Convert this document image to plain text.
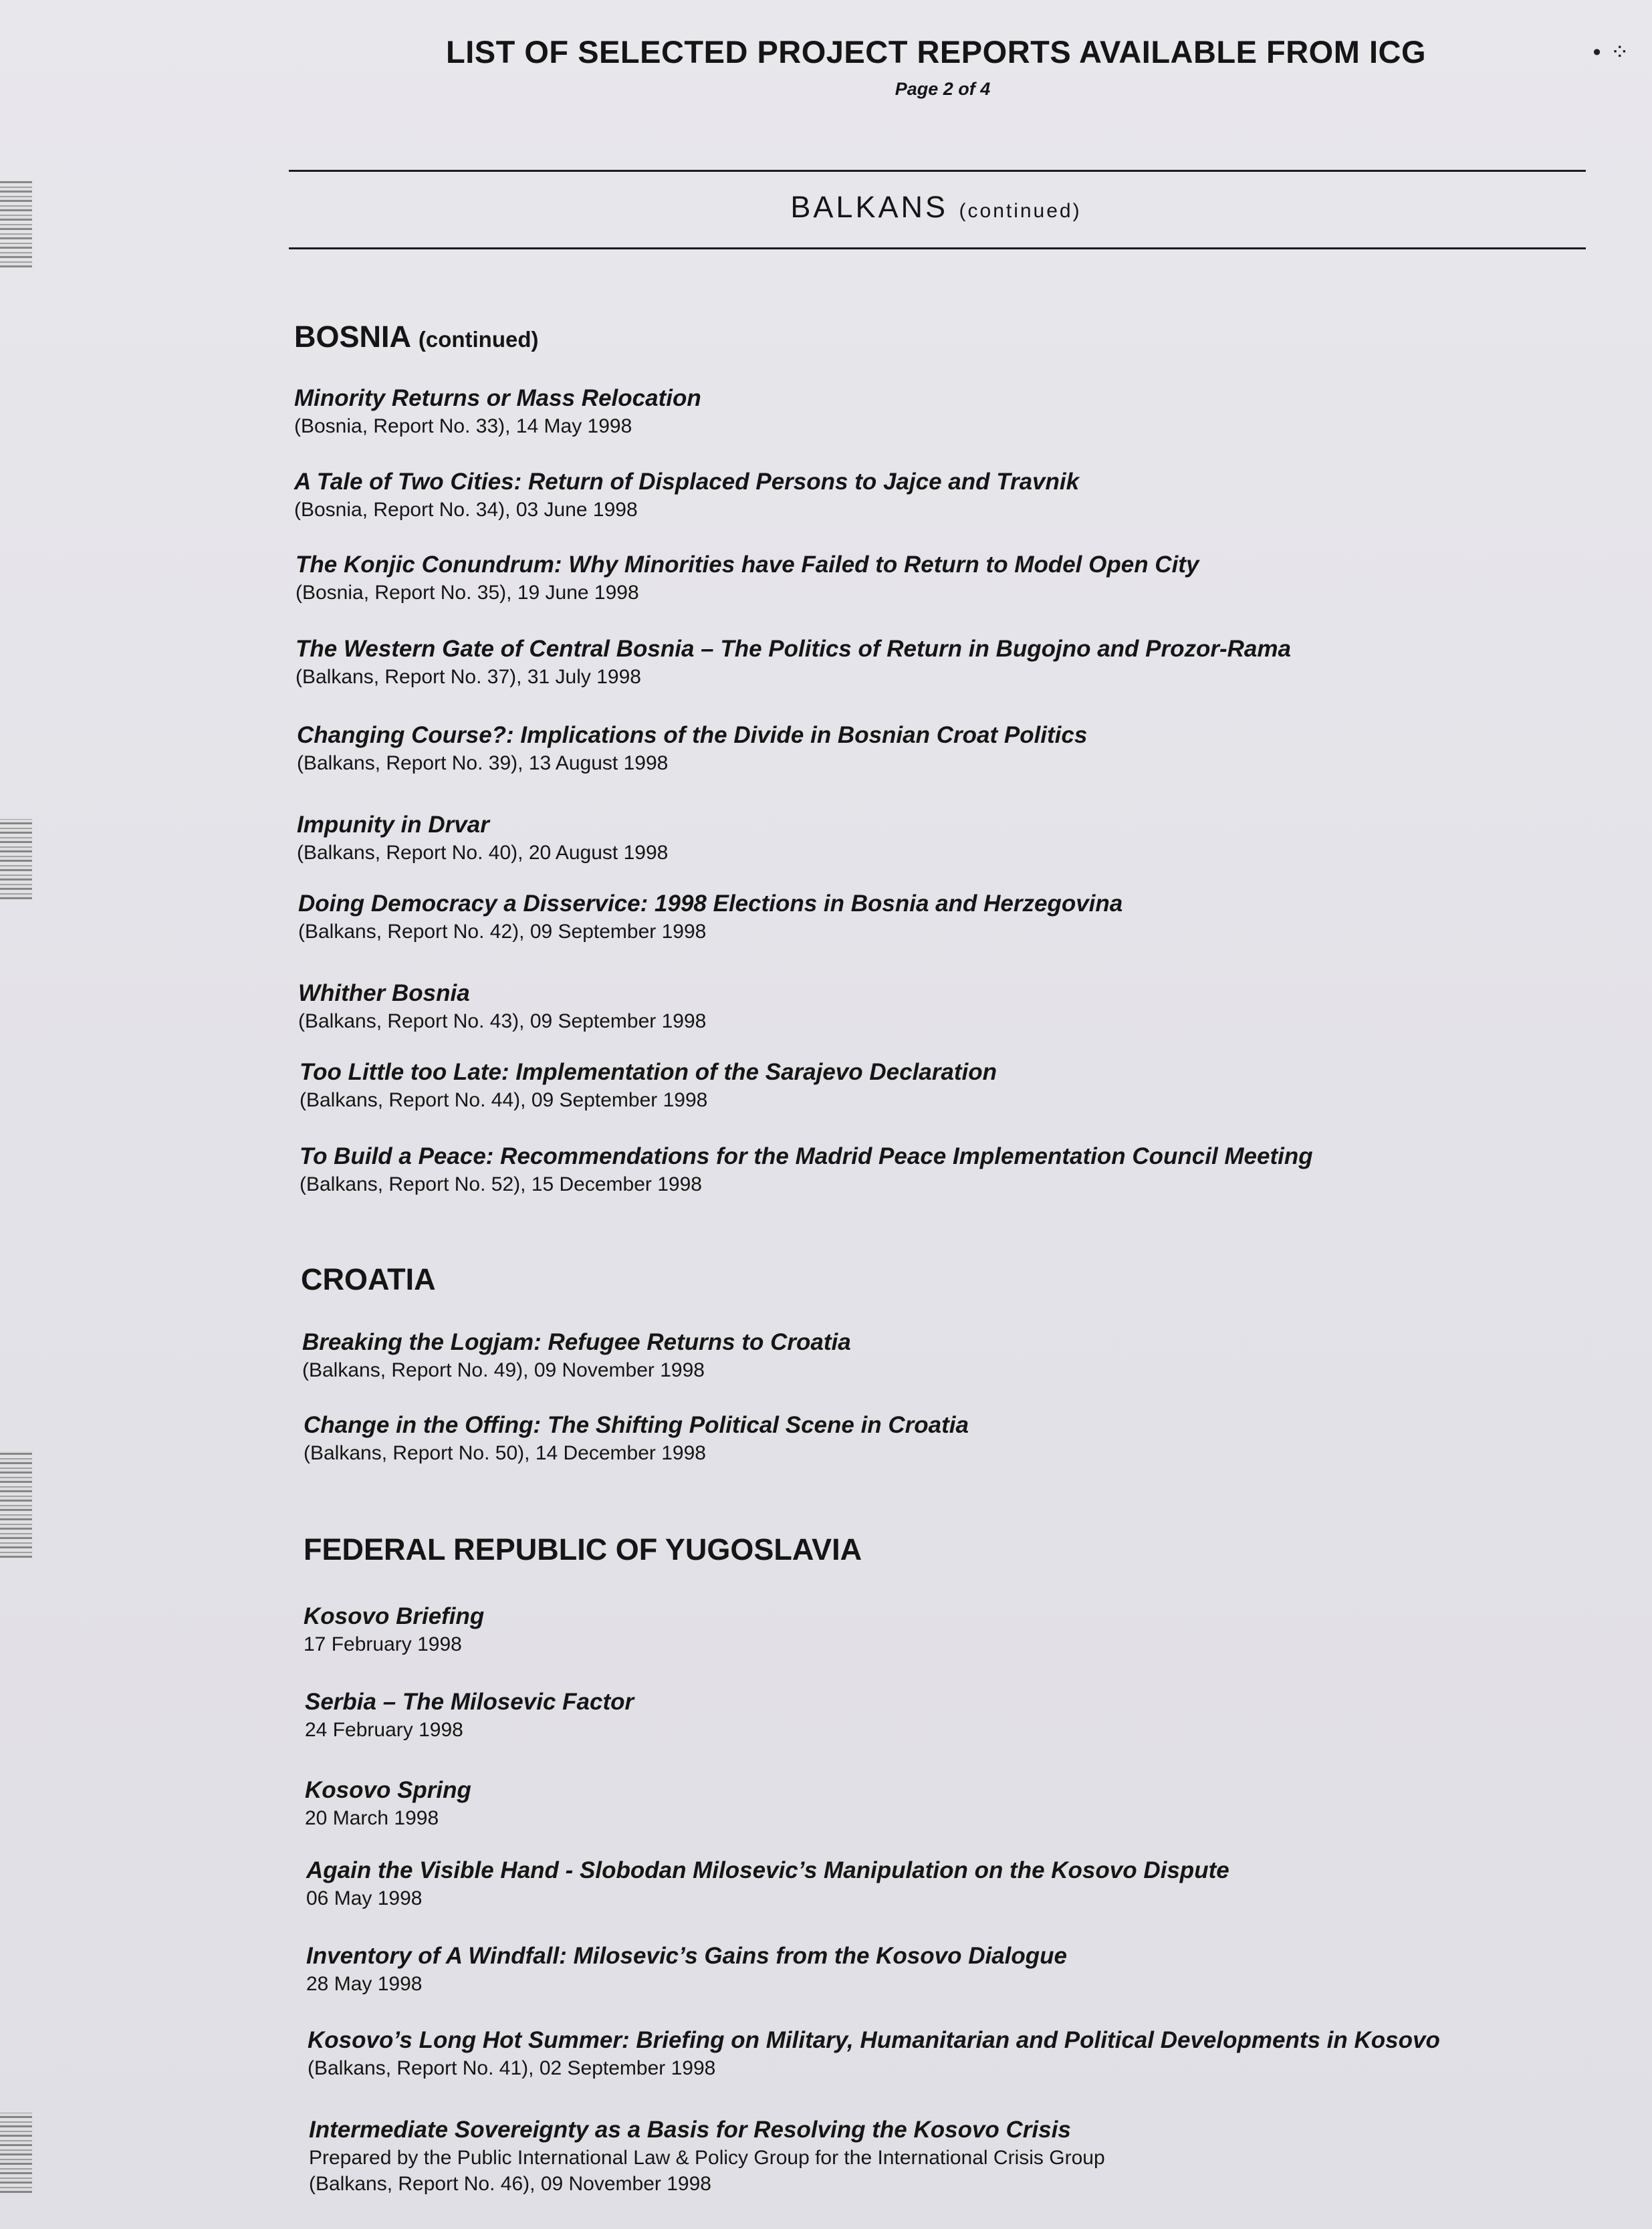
•⁘
LIST OF SELECTED PROJECT REPORTS AVAILABLE FROM ICG
Page 2 of 4
BALKANS (continued)
BOSNIA (continued)
Minority Returns or Mass Relocation
(Bosnia, Report No. 33), 14 May 1998
A Tale of Two Cities: Return of Displaced Persons to Jajce and Travnik
(Bosnia, Report No. 34), 03 June 1998
The Konjic Conundrum: Why Minorities have Failed to Return to Model Open City
(Bosnia, Report No. 35), 19 June 1998
The Western Gate of Central Bosnia – The Politics of Return in Bugojno and Prozor-Rama
(Balkans, Report No. 37), 31 July 1998
Changing Course?: Implications of the Divide in Bosnian Croat Politics
(Balkans, Report No. 39), 13 August 1998
Impunity in Drvar
(Balkans, Report No. 40), 20 August 1998
Doing Democracy a Disservice: 1998 Elections in Bosnia and Herzegovina
(Balkans, Report No. 42), 09 September 1998
Whither Bosnia
(Balkans, Report No. 43), 09 September 1998
Too Little too Late: Implementation of the Sarajevo Declaration
(Balkans, Report No. 44), 09 September 1998
To Build a Peace: Recommendations for the Madrid Peace Implementation Council Meeting
(Balkans, Report No. 52), 15 December 1998
CROATIA
Breaking the Logjam: Refugee Returns to Croatia
(Balkans, Report No. 49), 09 November 1998
Change in the Offing: The Shifting Political Scene in Croatia
(Balkans, Report No. 50), 14 December 1998
FEDERAL REPUBLIC OF YUGOSLAVIA
Kosovo Briefing
17 February 1998
Serbia – The Milosevic Factor
24 February 1998
Kosovo Spring
20 March 1998
Again the Visible Hand - Slobodan Milosevic’s Manipulation on the Kosovo Dispute
06 May 1998
Inventory of A Windfall: Milosevic’s Gains from the Kosovo Dialogue
28 May 1998
Kosovo’s Long Hot Summer: Briefing on Military, Humanitarian and Political Developments in Kosovo
(Balkans, Report No. 41), 02 September 1998
Intermediate Sovereignty as a Basis for Resolving the Kosovo Crisis
Prepared by the Public International Law & Policy Group for the International Crisis Group
(Balkans, Report No. 46), 09 November 1998
